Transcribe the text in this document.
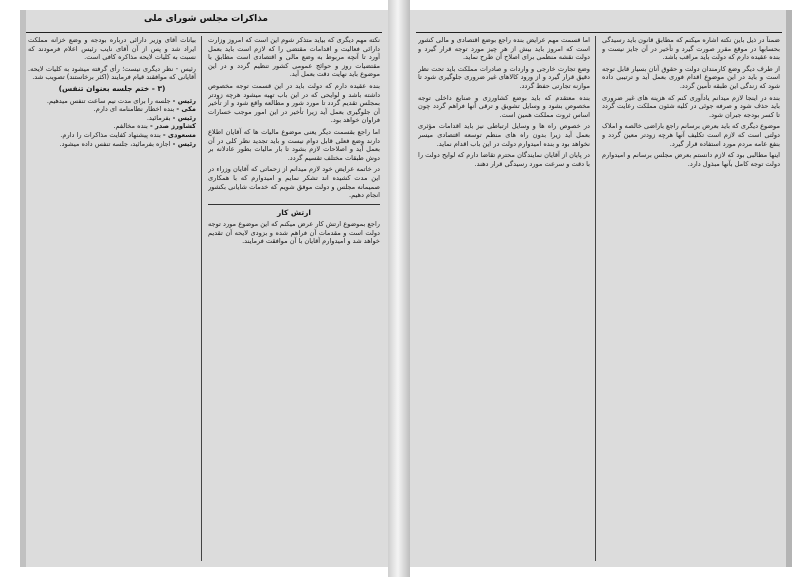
مذاکرات مجلس شورای ملی

نکته مهم دیگری که بیاید متذکر شوم این است که امروز وزارت دارائی فعالیت و اقدامات مقتضی را که لازم است باید بعمل آورد تا آنچه مربوط به وضع مالی و اقتصادی است مطابق با مقتضیات روز و حوائج عمومی کشور تنظیم گردد و در این موضوع باید نهایت دقت بعمل آید.

بنده عقیده دارم که دولت باید در این قسمت توجه مخصوص داشته باشد و لوایحی که در این باب تهیه میشود هرچه زودتر بمجلس تقدیم گردد تا مورد شور و مطالعه واقع شود و از تأخیر آن جلوگیری بعمل آید زیرا تأخیر در این امور موجب خسارات فراوان خواهد بود.

اما راجع بقسمت دیگر یعنی موضوع مالیات ها که آقایان اطلاع دارند وضع فعلی قابل دوام نیست و باید تجدید نظر کلی در آن بعمل آید و اصلاحات لازم بشود تا بار مالیات بطور عادلانه بر دوش طبقات مختلف تقسیم گردد.

در خاتمه عرایض خود لازم میدانم از زحماتی که آقایان وزراء در این مدت کشیده اند تشکر نمایم و امیدوارم که با همکاری صمیمانه مجلس و دولت موفق شویم که خدمات شایانی بکشور انجام دهیم.

ارتش کار

راجع بموضوع ارتش کار عرض میکنم که این موضوع مورد توجه دولت است و مقدمات آن فراهم شده و بزودی لایحه آن تقدیم خواهد شد و امیدوارم آقایان با آن موافقت فرمایند.

بیانات آقای وزیر دارائی درباره بودجه و وضع خزانه مملکت ایراد شد و پس از آن آقای نایب رئیس اعلام فرمودند که نسبت به کلیات لایحه مذاکره کافی است.

رئیس - نظر دیگری نیست؛ رأی گرفته میشود به کلیات لایحه. آقایانی که موافقند قیام فرمایند (اکثر برخاستند) تصویب شد.

(۳ - ختم جلسه بعنوان تنفس)
رئیس - جلسه را برای مدت نیم ساعت تنفس میدهیم.
مکی - بنده اخطار نظامنامه ای دارم.
رئیس - بفرمائید.
کشاورز صدر - بنده مخالفم.
مسعودی - بنده پیشنهاد کفایت مذاکرات را دارم.
رئیس - اجازه بفرمائید، جلسه تنفس داده میشود.

ضمناً در ذیل باین نکته اشاره میکنم که مطابق قانون باید رسیدگی بحسابها در موقع مقرر صورت گیرد و تأخیر در آن جایز نیست و بنده عقیده دارم که دولت باید مراقب باشد.

از طرف دیگر وضع کارمندان دولت و حقوق آنان بسیار قابل توجه است و باید در این موضوع اقدام فوری بعمل آید و ترتیبی داده شود که زندگی این طبقه تأمین گردد.

بنده در اینجا لازم میدانم یادآوری کنم که هزینه های غیر ضروری باید حذف شود و صرفه جوئی در کلیه شئون مملکت رعایت گردد تا کسر بودجه جبران شود.

موضوع دیگری که باید بعرض برسانم راجع باراضی خالصه و املاک دولتی است که لازم است تکلیف آنها هرچه زودتر معین گردد و بنفع عامه مردم مورد استفاده قرار گیرد.

اینها مطالبی بود که لازم دانستم بعرض مجلس برسانم و امیدوارم دولت توجه کامل بآنها مبذول دارد.

اما قسمت مهم عرایض بنده راجع بوضع اقتصادی و مالی کشور است که امروز باید بیش از هر چیز مورد توجه قرار گیرد و دولت نقشه منظمی برای اصلاح آن طرح نماید.

وضع تجارت خارجی و واردات و صادرات مملکت باید تحت نظر دقیق قرار گیرد و از ورود کالاهای غیر ضروری جلوگیری شود تا موازنه تجارتی حفظ گردد.

بنده معتقدم که باید بوضع کشاورزی و صنایع داخلی توجه مخصوص بشود و وسایل تشویق و ترقی آنها فراهم گردد چون اساس ثروت مملکت همین است.

در خصوص راه ها و وسایل ارتباطی نیز باید اقدامات مؤثری بعمل آید زیرا بدون راه های منظم توسعه اقتصادی میسر نخواهد بود و بنده امیدوارم دولت در این باب اقدام نماید.

در پایان از آقایان نمایندگان محترم تقاضا دارم که لوایح دولت را با دقت و سرعت مورد رسیدگی قرار دهند.
